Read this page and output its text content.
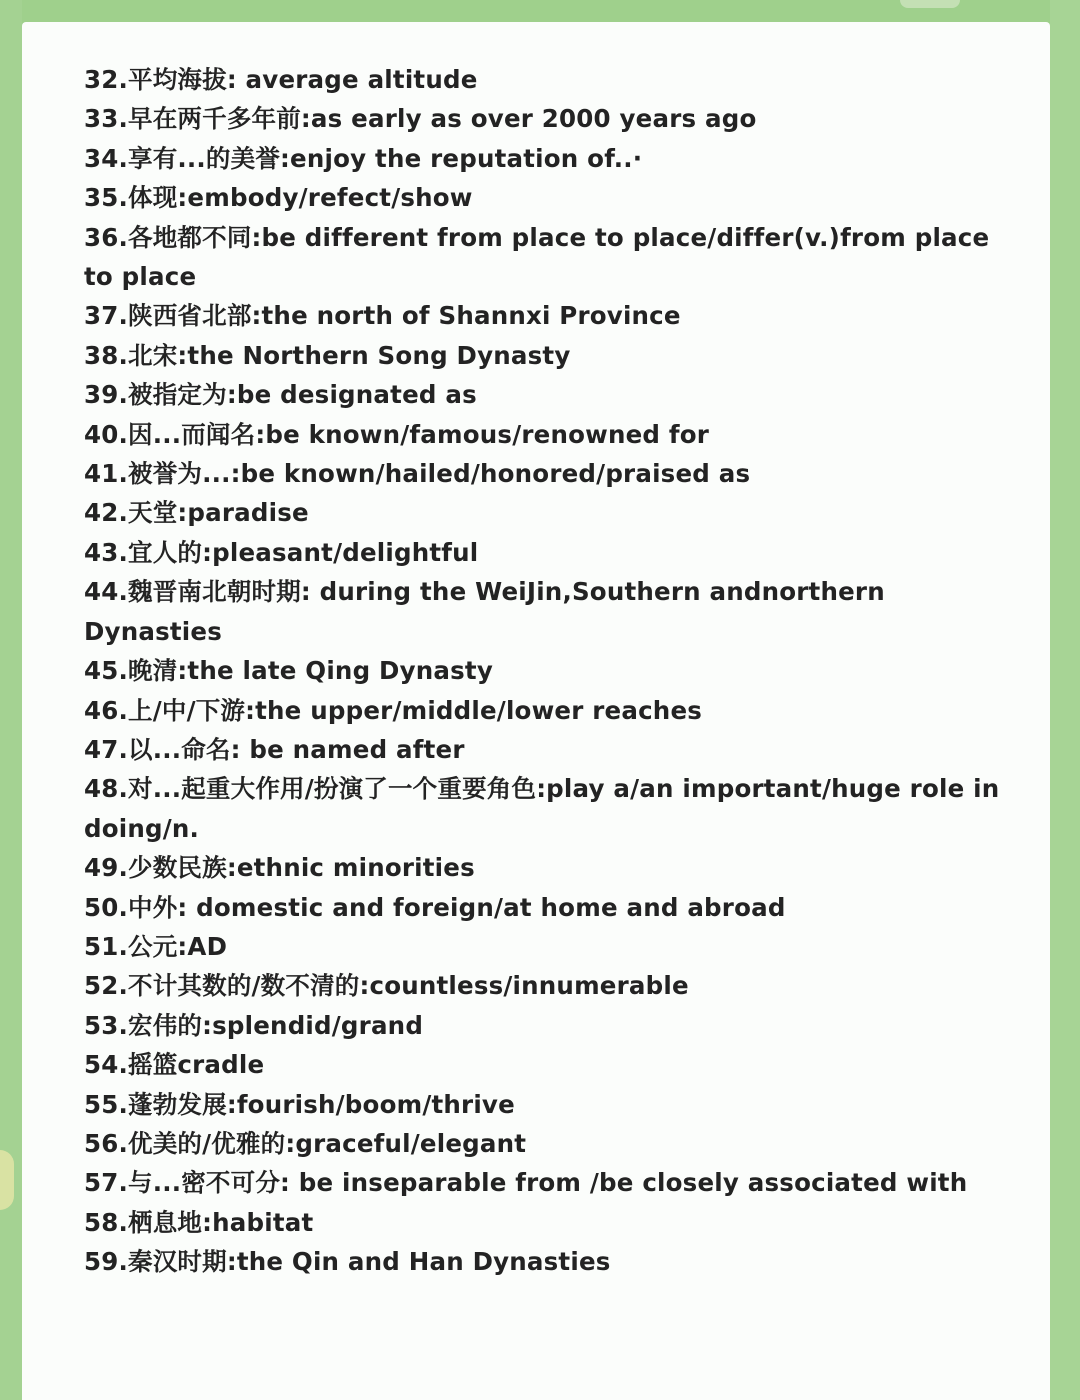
32.平均海拔: average altitude
33.早在两千多年前:as early as over 2000 years ago
34.享有...的美誉:enjoy the reputation of..·
35.体现:embody/refect/show
36.各地都不同:be different from place to place/differ(v.)from place to place
37.陕西省北部:the north of Shannxi Province
38.北宋:the Northern Song Dynasty
39.被指定为:be designated as
40.因...而闻名:be known/famous/renowned for
41.被誉为...:be known/hailed/honored/praised as
42.天堂:paradise
43.宜人的:pleasant/delightful
44.魏晋南北朝时期: during the WeiJin,Southern andnorthern Dynasties
45.晚清:the late Qing Dynasty
46.上/中/下游:the upper/middle/lower reaches
47.以...命名: be named after
48.对...起重大作用/扮演了一个重要角色:play a/an important/huge role in doing/n.
49.少数民族:ethnic minorities
50.中外: domestic and foreign/at home and abroad
51.公元:AD
52.不计其数的/数不清的:countless/innumerable
53.宏伟的:splendid/grand
54.摇篮cradle
55.蓬勃发展:fourish/boom/thrive
56.优美的/优雅的:graceful/elegant
57.与...密不可分: be inseparable from /be closely associated with
58.栖息地:habitat
59.秦汉时期:the Qin and Han Dynasties
